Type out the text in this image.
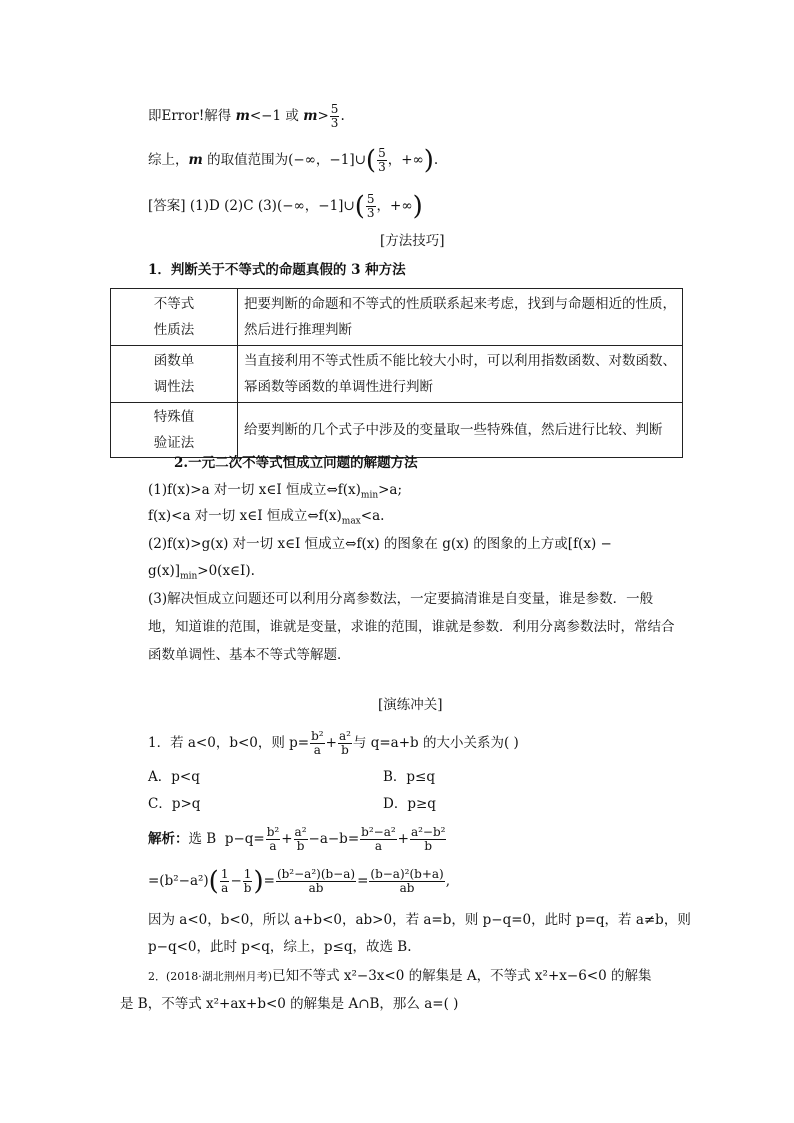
即Error!解得 m<−1 或 $m> \frac{5}{3}$ .
综上，m 的取值范围为(−∞，−1]∪( $\frac{5}{3}$ ，+∞).
[答案] (1)D (2)C (3)(−∞，−1]∪( $\frac{5}{3}$ ，+∞)
[方法技巧]
1．判断关于不等式的命题真假的 3 种方法
不等式
性质法	把要判断的命题和不等式的性质联系起来考虑，找到与命题相近的性质，然后进行推理判断

函数单
调性法	当直接利用不等式性质不能比较大小时，可以利用指数函数、对数函数、幂函数等函数的单调性进行判断

特殊值
验证法	给要判断的几个式子中涉及的变量取一些特殊值，然后进行比较、判断
2.一元二次不等式恒成立问题的解题方法
(1)f(x)>a 对一切 x∈I 恒成立$\Leftrightarrow f(x)_{min}>a$;
f(x)<a 对一切 x∈I 恒成立$\Leftrightarrow f(x)_{max}<a$.
(2)f(x)>g(x) 对一切 x∈I 恒成立⇔f(x) 的图象在 g(x) 的图象的上方或[f(x) −
$g(x)]_{min}>0(x\in I)$.
(3)解决恒成立问题还可以利用分离参数法，一定要搞清谁是自变量，谁是参数．一般
地，知道谁的范围，谁就是变量，求谁的范围，谁就是参数．利用分离参数法时，常结合
函数单调性、基本不等式等解题．
[演练冲关]
1．若 a<0，b<0，则 $p= \frac{\text{b²}}{a} + \frac{\text{a²}}{b}$ 与 q=a+b 的大小关系为( )
A．p<q	B．p≤q
C．p>q	D．p≥q
解析：选 B $p-q= \frac{\text{b²}}{a} + \frac{\text{a²}}{b} -a-b= \frac{\text{b²−a²}}{a} + \frac{\text{a²−b²}}{b}$
$=(b^2-a^2)( \frac{1}{a} - \frac{1}{b}$ )= $\frac{\text{(b²−a²)(b−a)}}{ab} = \frac{\text{(b−a)²(b+a)}}{ab}$ ,
因为 a<0，b<0，所以 a+b<0，ab>0，若 a=b，则 p−q=0，此时 p=q，若 a≠b，则
p−q<0，此时 p<q，综上，p≤q，故选 B.
2．(2018·湖北荆州月考)已知不等式 x²−3x<0 的解集是 A，不等式 x²+x−6<0 的解集
是 B，不等式 x²+ax+b<0 的解集是 A∩B，那么 a=( )
